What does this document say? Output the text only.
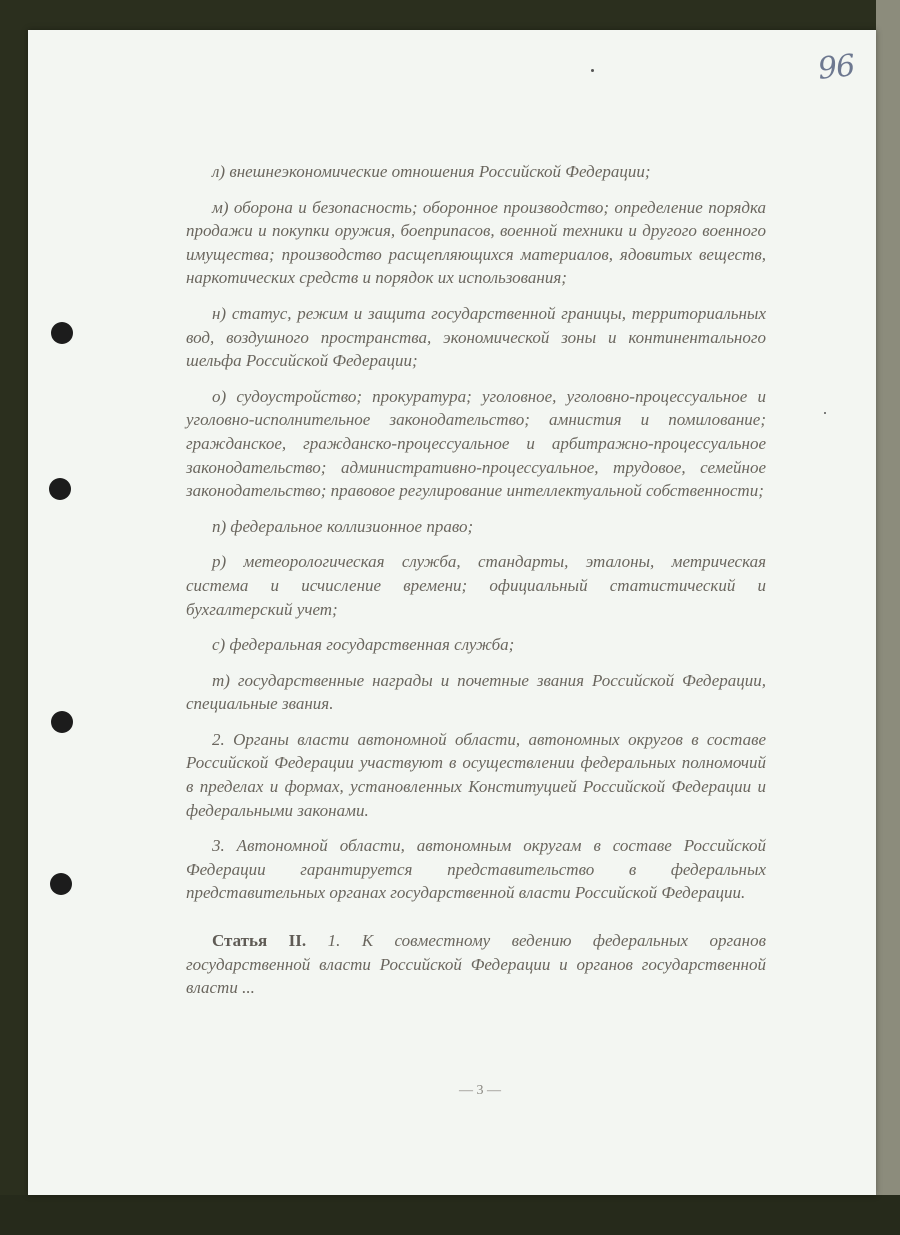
96

л) внешнеэкономические отношения Российской Федерации;

м) оборона и безопасность; оборонное производство; определение порядка продажи и покупки оружия, боеприпасов, военной техники и другого военного имущества; производство расщепляющихся материалов, ядовитых веществ, наркотических средств и порядок их использования;

н) статус, режим и защита государственной границы, территориальных вод, воздушного пространства, экономической зоны и континентального шельфа Российской Федерации;

о) судоустройство; прокуратура; уголовное, уголовно-процессуальное и уголовно-исполнительное законодательство; амнистия и помилование; гражданское, гражданско-процессуальное и арбитражно-процессуальное законодательство; административно-процессуальное, трудовое, семейное законодательство; правовое регулирование интеллектуальной собственности;

п) федеральное коллизионное право;

р) метеорологическая служба, стандарты, эталоны, метрическая система и исчисление времени; официальный статистический и бухгалтерский учет;

с) федеральная государственная служба;

т) государственные награды и почетные звания Российской Федерации, специальные звания.

2. Органы власти автономной области, автономных округов в составе Российской Федерации участвуют в осуществлении федеральных полномочий в пределах и формах, установленных Конституцией Российской Федерации и федеральными законами.

3. Автономной области, автономным округам в составе Российской Федерации гарантируется представительство в федеральных представительных органах государственной власти Российской Федерации.

Статья II. 1. К совместному ведению федеральных органов государственной власти Российской Федерации и органов государственной власти ...

— 3 —
